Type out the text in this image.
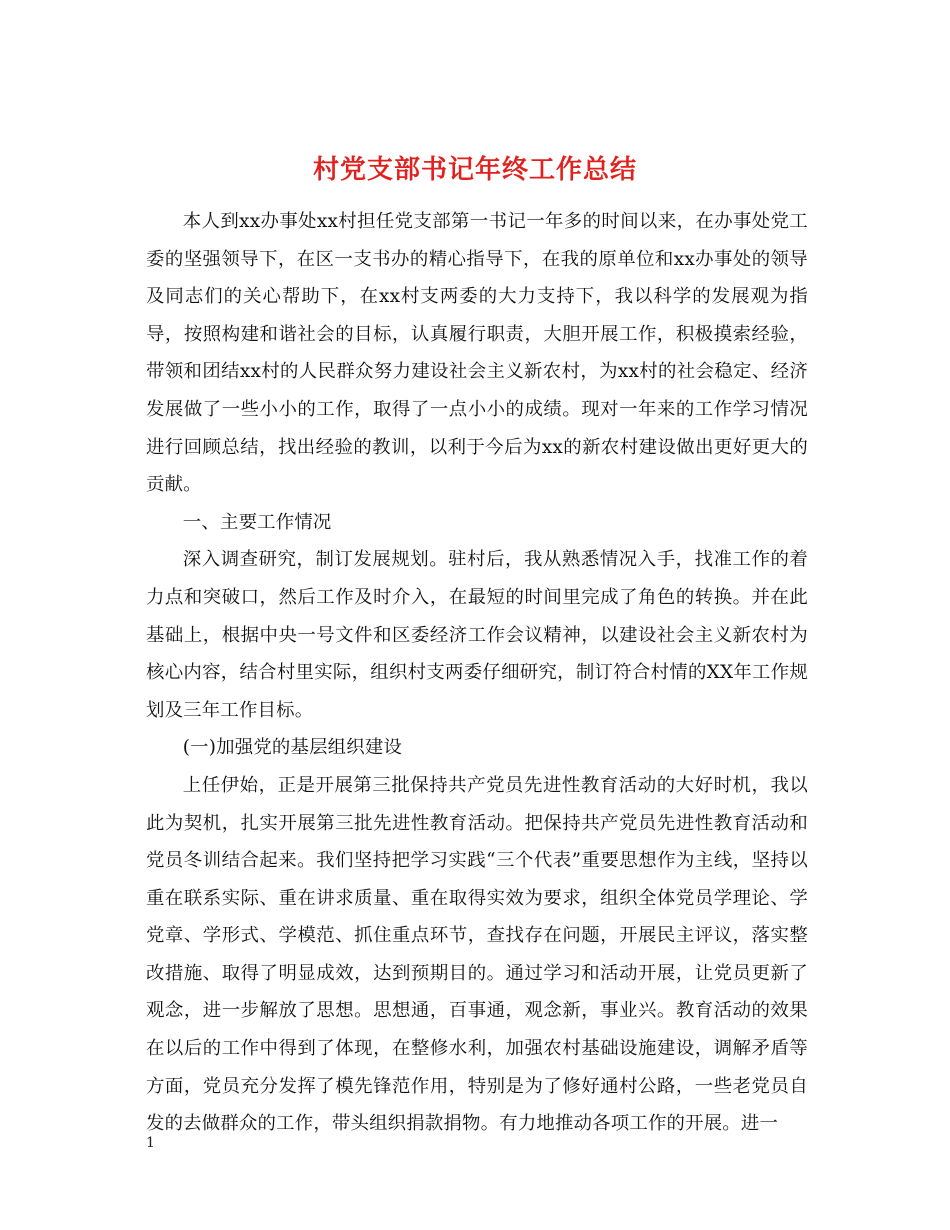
村党支部书记年终工作总结

本人到xx办事处xx村担任党支部第一书记一年多的时间以来，在办事处党工委的坚强领导下，在区一支书办的精心指导下，在我的原单位和xx办事处的领导及同志们的关心帮助下，在xx村支两委的大力支持下，我以科学的发展观为指导，按照构建和谐社会的目标，认真履行职责，大胆开展工作，积极摸索经验，带领和团结xx村的人民群众努力建设社会主义新农村，为xx村的社会稳定、经济发展做了一些小小的工作，取得了一点小小的成绩。现对一年来的工作学习情况进行回顾总结，找出经验的教训，以利于今后为xx的新农村建设做出更好更大的贡献。

一、主要工作情况

深入调查研究，制订发展规划。驻村后，我从熟悉情况入手，找准工作的着力点和突破口，然后工作及时介入，在最短的时间里完成了角色的转换。并在此基础上，根据中央一号文件和区委经济工作会议精神，以建设社会主义新农村为核心内容，结合村里实际，组织村支两委仔细研究，制订符合村情的XX年工作规划及三年工作目标。

(一)加强党的基层组织建设

上任伊始，正是开展第三批保持共产党员先进性教育活动的大好时机，我以此为契机，扎实开展第三批先进性教育活动。把保持共产党员先进性教育活动和党员冬训结合起来。我们坚持把学习实践“三个代表”重要思想作为主线，坚持以重在联系实际、重在讲求质量、重在取得实效为要求，组织全体党员学理论、学党章、学形式、学模范、抓住重点环节，查找存在问题，开展民主评议，落实整改措施、取得了明显成效，达到预期目的。通过学习和活动开展，让党员更新了观念，进一步解放了思想。思想通，百事通，观念新，事业兴。教育活动的效果在以后的工作中得到了体现，在整修水利，加强农村基础设施建设，调解矛盾等方面，党员充分发挥了模先锋范作用，特别是为了修好通村公路，一些老党员自发的去做群众的工作，带头组织捐款捐物。有力地推动各项工作的开展。进一

1
